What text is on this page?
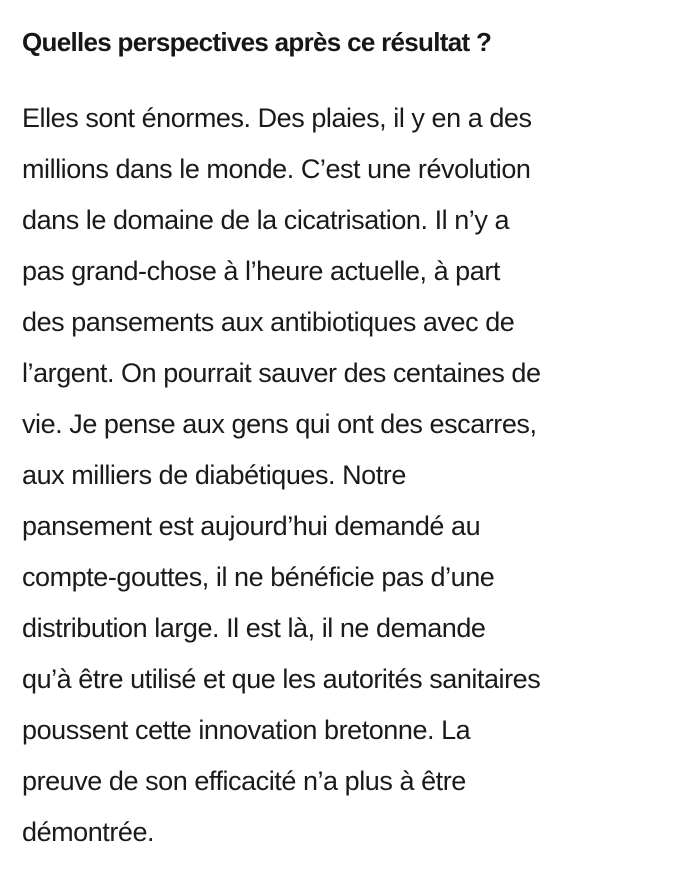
Quelles perspectives après ce résultat ?

Elles sont énormes. Des plaies, il y en a des
millions dans le monde. C’est une révolution
dans le domaine de la cicatrisation. Il n’y a
pas grand-chose à l’heure actuelle, à part
des pansements aux antibiotiques avec de
l’argent. On pourrait sauver des centaines de
vie. Je pense aux gens qui ont des escarres,
aux milliers de diabétiques. Notre
pansement est aujourd’hui demandé au
compte-gouttes, il ne bénéficie pas d’une
distribution large. Il est là, il ne demande
qu’à être utilisé et que les autorités sanitaires
poussent cette innovation bretonne. La
preuve de son efficacité n’a plus à être
démontrée.
